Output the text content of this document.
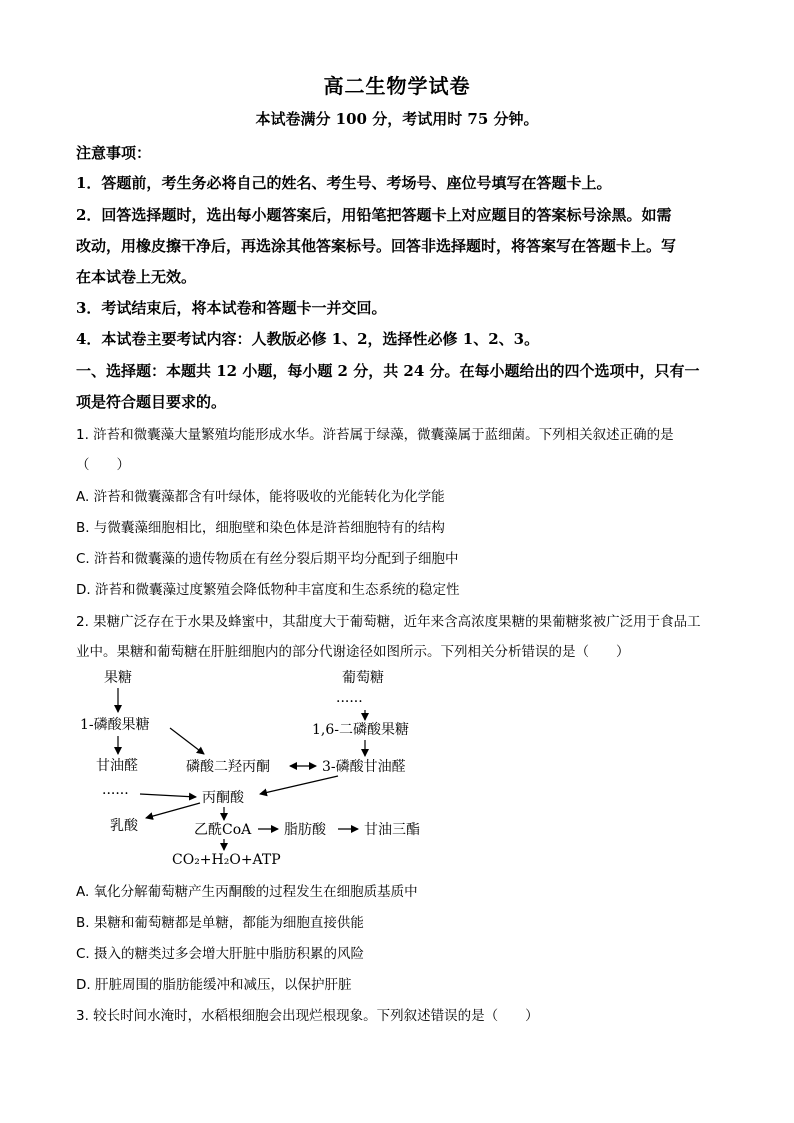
高二生物学试卷
本试卷满分 100 分，考试用时 75 分钟。
注意事项：
1．答题前，考生务必将自己的姓名、考生号、考场号、座位号填写在答题卡上。
2．回答选择题时，选出每小题答案后，用铅笔把答题卡上对应题目的答案标号涂黑。如需
改动，用橡皮擦干净后，再选涂其他答案标号。回答非选择题时，将答案写在答题卡上。写
在本试卷上无效。
3．考试结束后，将本试卷和答题卡一并交回。
4．本试卷主要考试内容：人教版必修 1、2，选择性必修 1、2、3。
一、选择题：本题共 12 小题，每小题 2 分，共 24 分。在每小题给出的四个选项中，只有一
项是符合题目要求的。
1. 浒苔和微囊藻大量繁殖均能形成水华。浒苔属于绿藻，微囊藻属于蓝细菌。下列相关叙述正确的是
（　　）
A. 浒苔和微囊藻都含有叶绿体，能将吸收的光能转化为化学能
B. 与微囊藻细胞相比，细胞壁和染色体是浒苔细胞特有的结构
C. 浒苔和微囊藻的遗传物质在有丝分裂后期平均分配到子细胞中
D. 浒苔和微囊藻过度繁殖会降低物种丰富度和生态系统的稳定性
2. 果糖广泛存在于水果及蜂蜜中，其甜度大于葡萄糖，近年来含高浓度果糖的果葡糖浆被广泛用于食品工
业中。果糖和葡萄糖在肝脏细胞内的部分代谢途径如图所示。下列相关分析错误的是（　　）
果糖
1-磷酸果糖
甘油醛
······
乳酸
葡萄糖
······
1,6-二磷酸果糖
磷酸二羟丙酮	3-磷酸甘油醛
丙酮酸
乙酰CoA 脂肪酸	甘油三酯
CO₂+H₂O+ATP
A. 氧化分解葡萄糖产生丙酮酸的过程发生在细胞质基质中
B. 果糖和葡萄糖都是单糖，都能为细胞直接供能
C. 摄入的糖类过多会增大肝脏中脂肪积累的风险
D. 肝脏周围的脂肪能缓冲和减压，以保护肝脏
3. 较长时间水淹时，水稻根细胞会出现烂根现象。下列叙述错误的是（　　）
